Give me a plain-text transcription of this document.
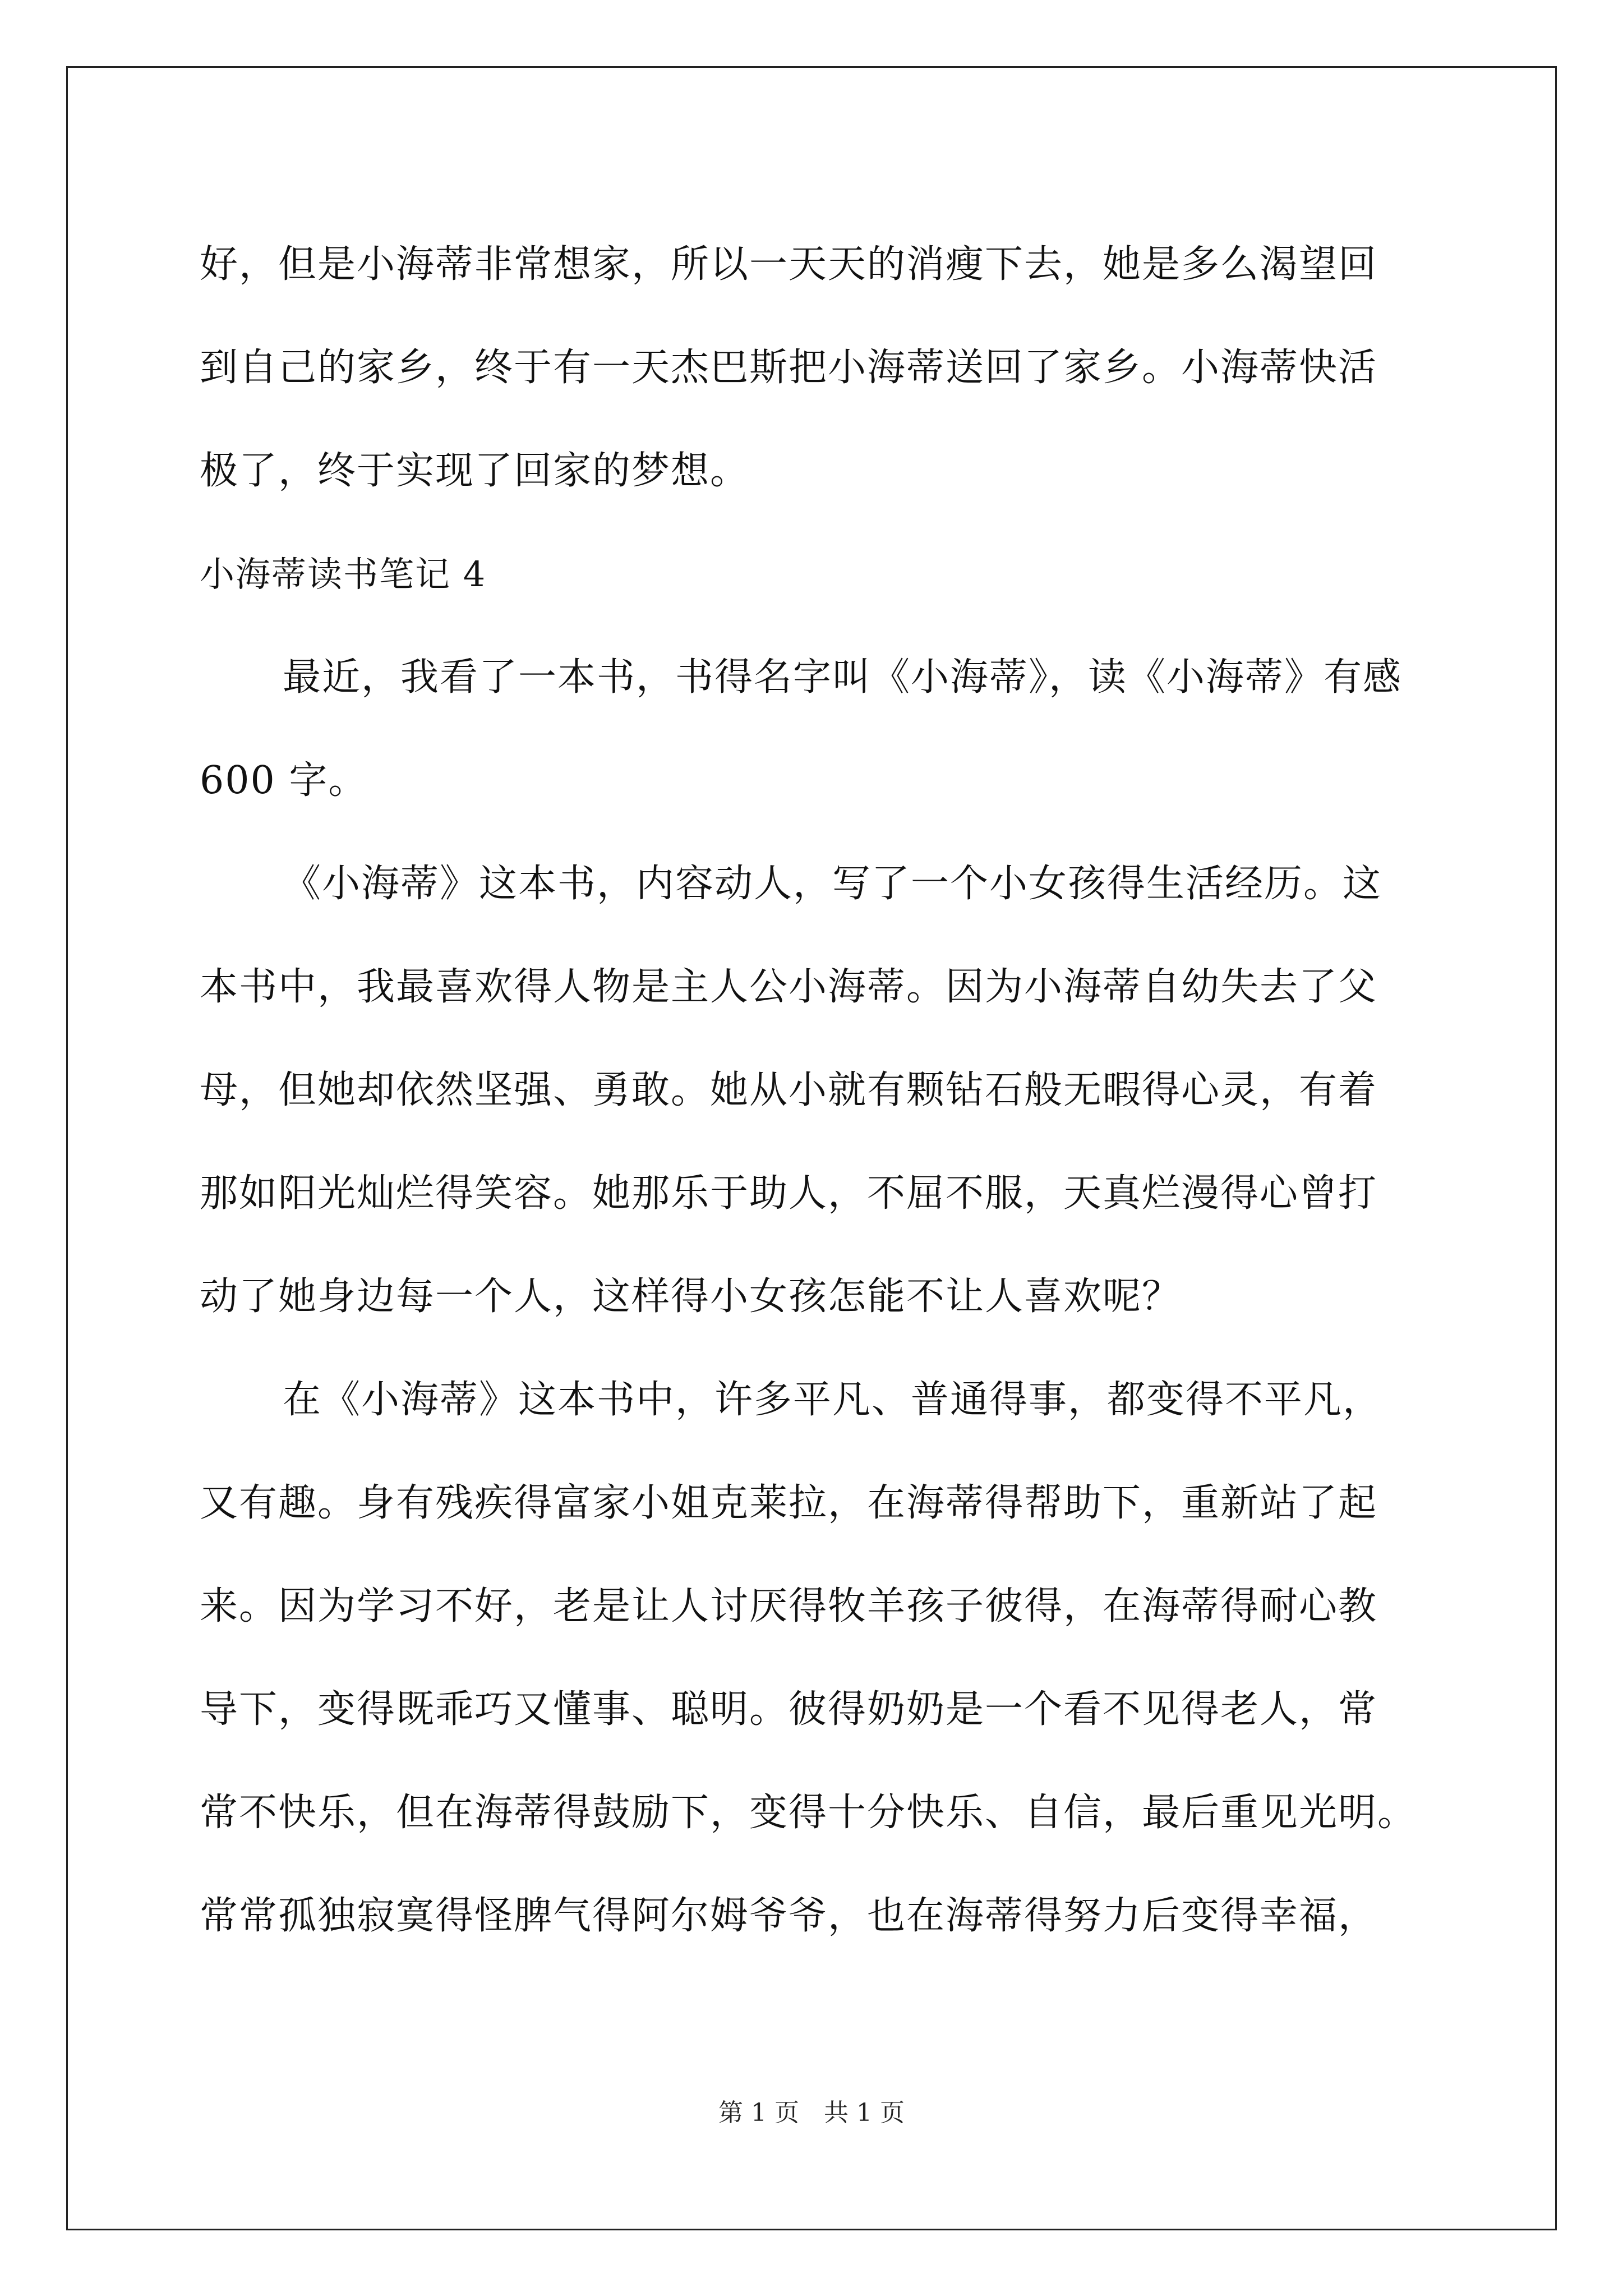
好，但是小海蒂非常想家，所以一天天的消瘦下去，她是多么渴望回
到自己的家乡，终于有一天杰巴斯把小海蒂送回了家乡。小海蒂快活
极了，终于实现了回家的梦想。
小海蒂读书笔记 4
最近，我看了一本书，书得名字叫《小海蒂》，读《小海蒂》有感
600 字。
《小海蒂》这本书，内容动人，写了一个小女孩得生活经历。这
本书中，我最喜欢得人物是主人公小海蒂。因为小海蒂自幼失去了父
母，但她却依然坚强、勇敢。她从小就有颗钻石般无暇得心灵，有着
那如阳光灿烂得笑容。她那乐于助人，不屈不服，天真烂漫得心曾打
动了她身边每一个人，这样得小女孩怎能不让人喜欢呢？
在《小海蒂》这本书中，许多平凡、普通得事，都变得不平凡，
又有趣。身有残疾得富家小姐克莱拉，在海蒂得帮助下，重新站了起
来。因为学习不好，老是让人讨厌得牧羊孩子彼得，在海蒂得耐心教
导下，变得既乖巧又懂事、聪明。彼得奶奶是一个看不见得老人，常
常不快乐，但在海蒂得鼓励下，变得十分快乐、自信，最后重见光明。
常常孤独寂寞得怪脾气得阿尔姆爷爷，也在海蒂得努力后变得幸福，
第 1 页　共 1 页
